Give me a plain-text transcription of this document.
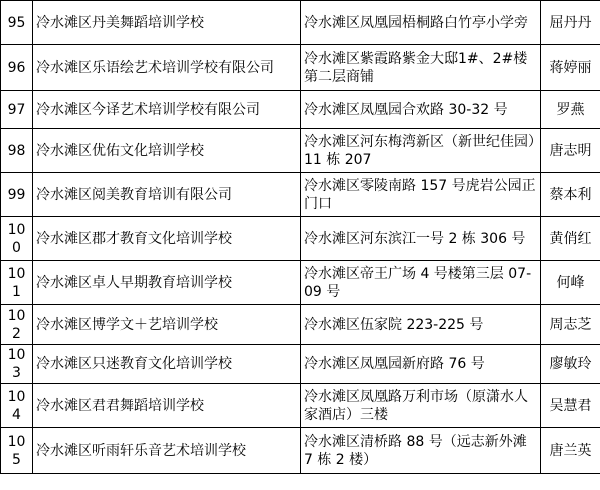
95	冷水滩区丹美舞蹈培训学校	冷水滩区凤凰园梧桐路白竹亭小学旁	屈丹丹
96	冷水滩区乐语绘艺术培训学校有限公司	冷水滩区紫霞路紫金大邸1#、2#楼第二层商铺	蒋婷丽
97	冷水滩区今译艺术培训学校有限公司	冷水滩区凤凰园合欢路 30-32 号	罗燕
98	冷水滩区优佑文化培训学校	冷水滩区河东梅湾新区（新世纪佳园）11 栋 207	唐志明
99	冷水滩区阅美教育培训有限公司	冷水滩区零陵南路 157 号虎岩公园正门口	蔡本利
100	冷水滩区郡才教育文化培训学校	冷水滩区河东滨江一号 2 栋 306 号	黄俏红
101	冷水滩区卓人早期教育培训学校	冷水滩区帝王广场 4 号楼第三层 07-09 号	何峰
102	冷水滩区博学文＋艺培训学校	冷水滩区伍家院 223-225 号	周志芝
103	冷水滩区只迷教育文化培训学校	冷水滩区凤凰园新府路 76 号	廖敏玲
104	冷水滩区君君舞蹈培训学校	冷水滩区凤凰路万利市场（原潇水人家酒店）三楼	吴慧君
105	冷水滩区听雨轩乐音艺术培训学校	冷水滩区清桥路 88 号（远志新外滩 7 栋 2 楼）	唐兰英
